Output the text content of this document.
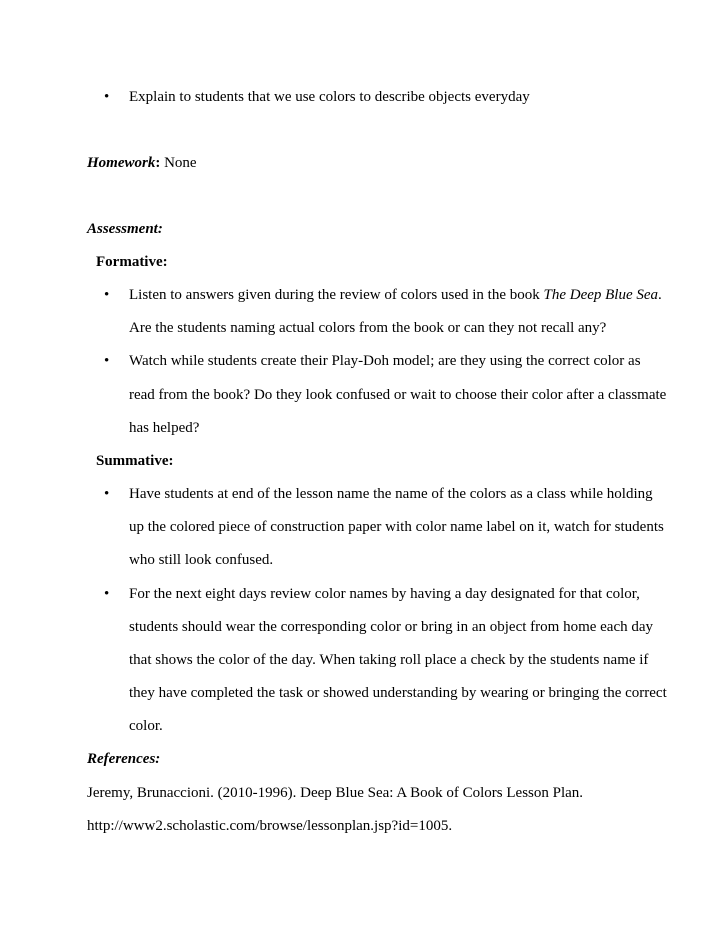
• Explain to students that we use colors to describe objects everyday
Homework: None
Assessment:
Formative:
• Listen to answers given during the review of colors used in the book The Deep Blue Sea.
Are the students naming actual colors from the book or can they not recall any?
• Watch while students create their Play-Doh model; are they using the correct color as
read from the book? Do they look confused or wait to choose their color after a classmate
has helped?
Summative:
• Have students at end of the lesson name the name of the colors as a class while holding
up the colored piece of construction paper with color name label on it, watch for students
who still look confused.
• For the next eight days review color names by having a day designated for that color,
students should wear the corresponding color or bring in an object from home each day
that shows the color of the day. When taking roll place a check by the students name if
they have completed the task or showed understanding by wearing or bringing the correct
color.
References:
Jeremy, Brunaccioni. (2010-1996). Deep Blue Sea: A Book of Colors Lesson Plan.
http://www2.scholastic.com/browse/lessonplan.jsp?id=1005.
